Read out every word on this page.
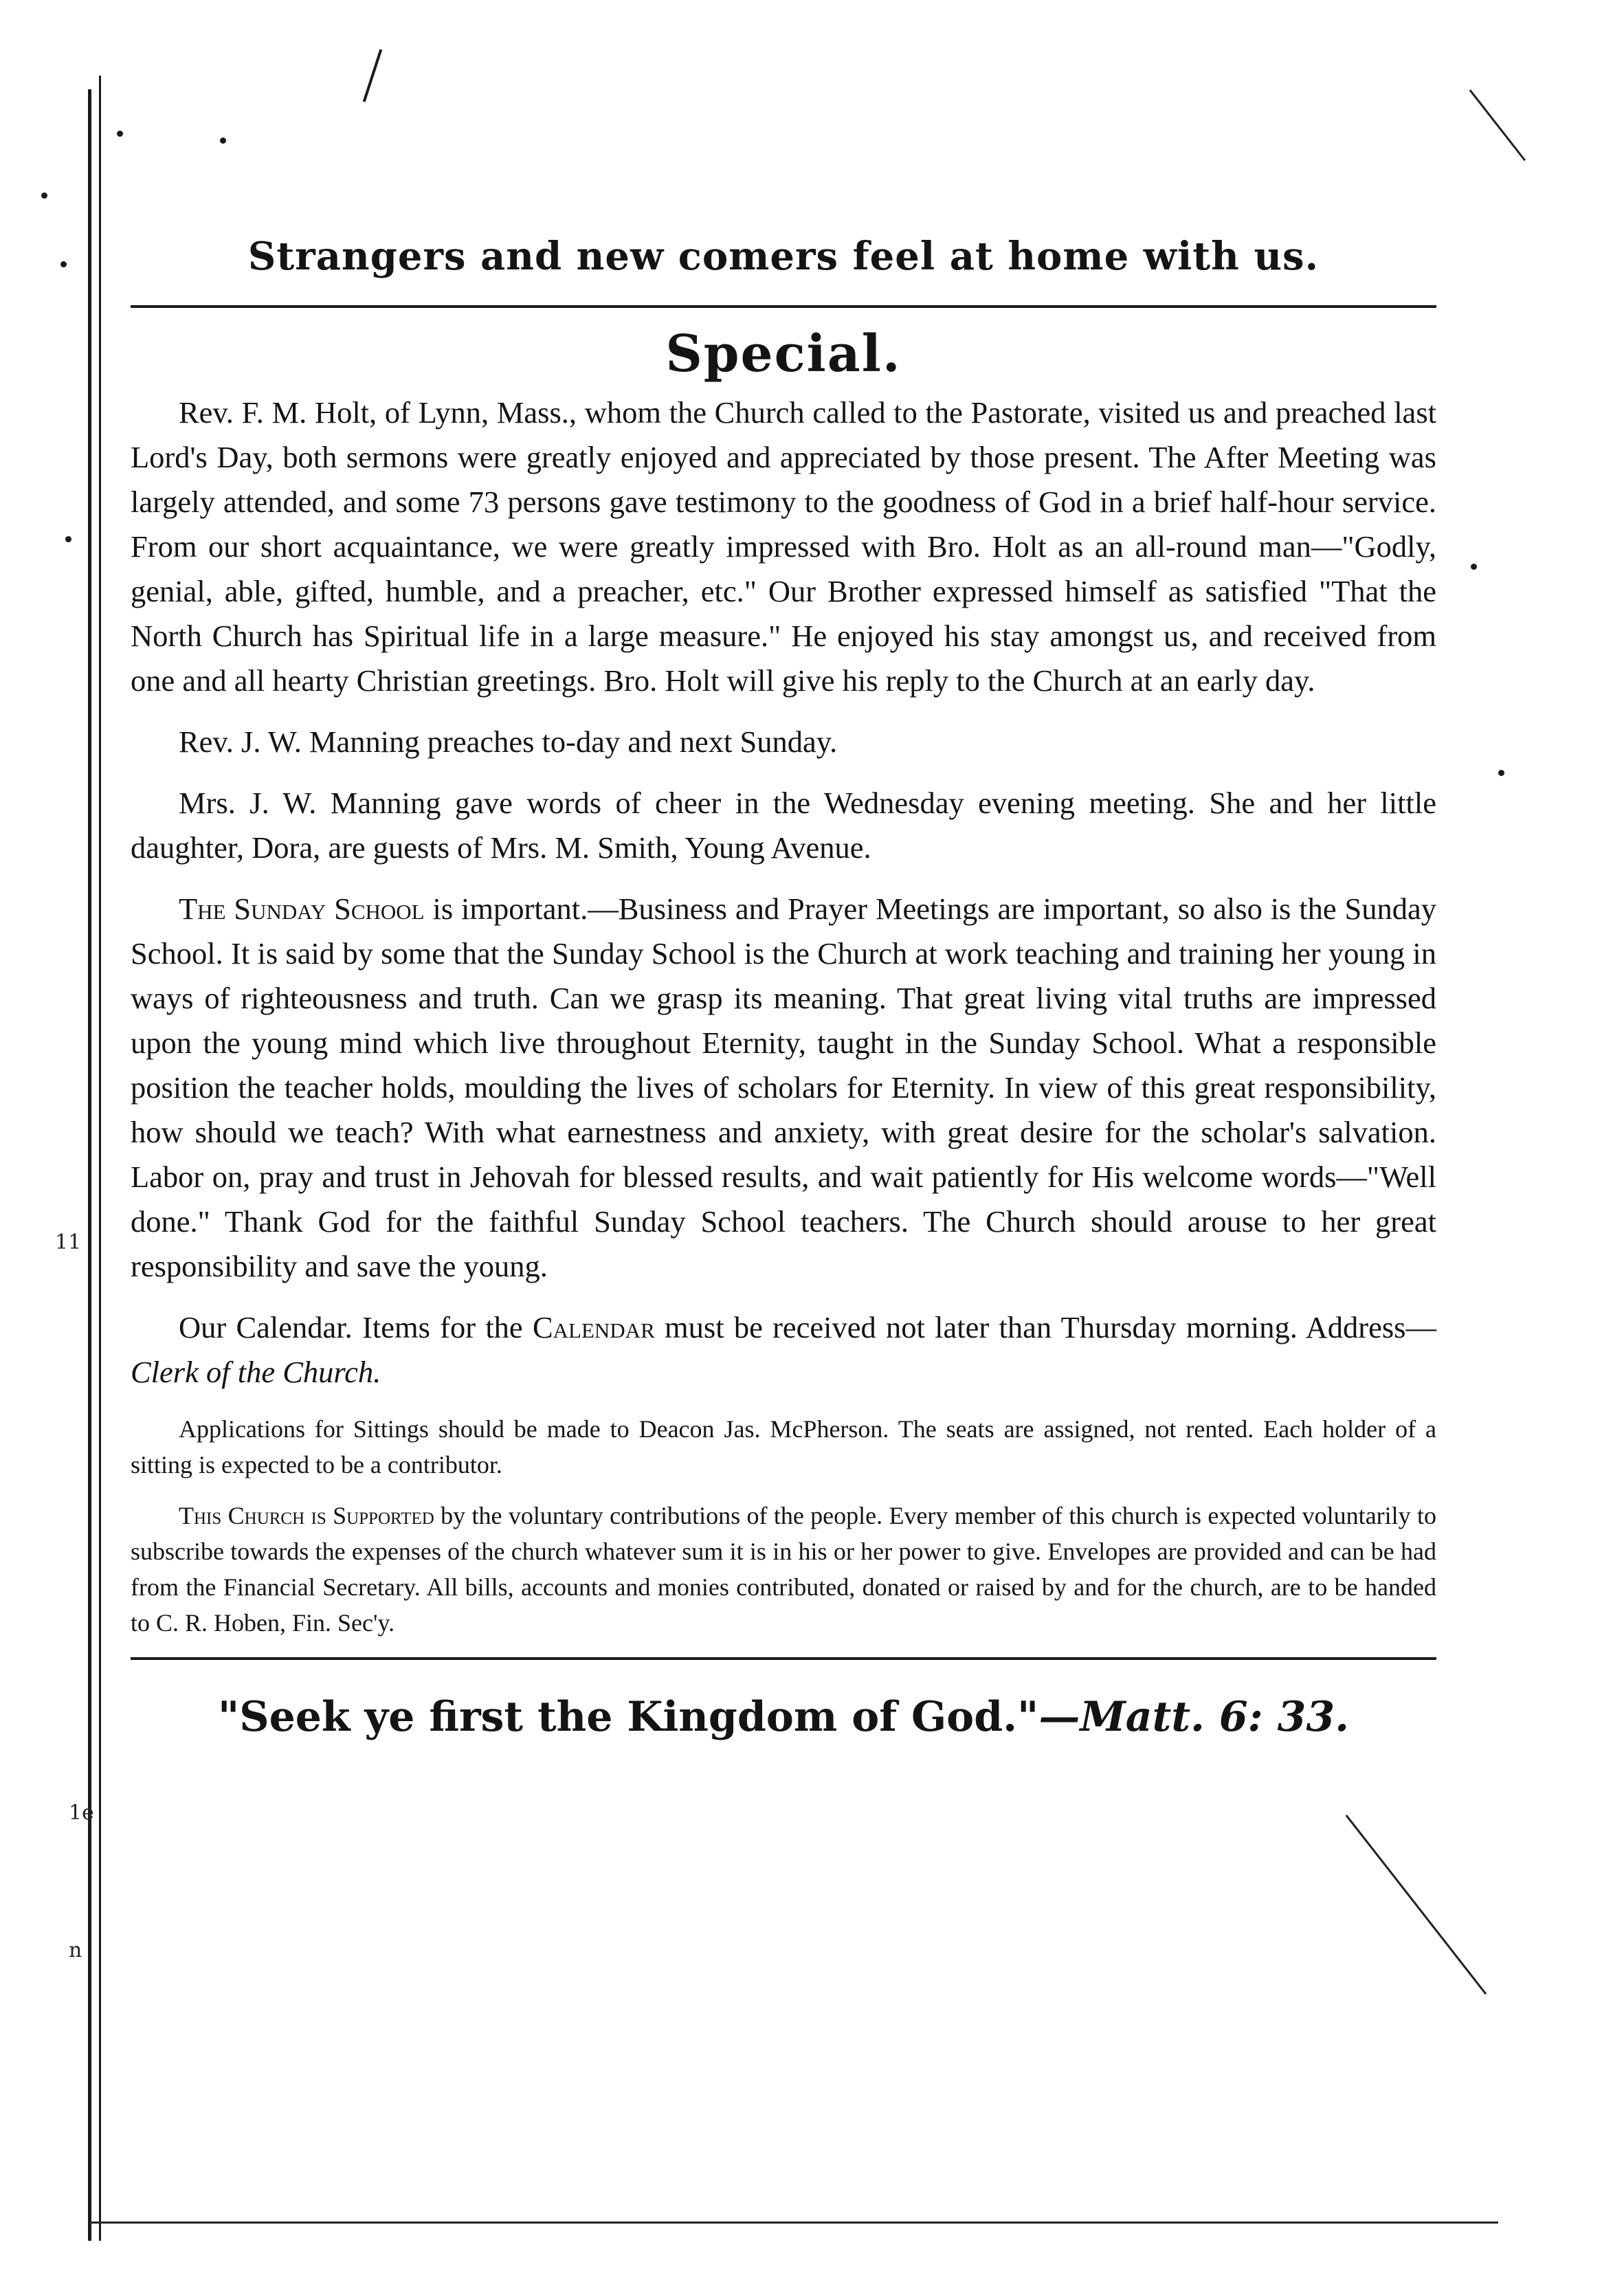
11
1e
n
Strangers and new comers feel at home with us.
Special.

Rev. F. M. Holt, of Lynn, Mass., whom the Church called to the Pastorate, visited us and preached last Lord's Day, both sermons were greatly enjoyed and appreciated by those present. The After Meeting was largely attended, and some 73 persons gave testimony to the goodness of God in a brief half-hour service. From our short acquaintance, we were greatly impressed with Bro. Holt as an all-round man—"Godly, genial, able, gifted, humble, and a preacher, etc." Our Brother expressed himself as satisfied "That the North Church has Spiritual life in a large measure." He enjoyed his stay amongst us, and received from one and all hearty Christian greetings. Bro. Holt will give his reply to the Church at an early day.

Rev. J. W. Manning preaches to-day and next Sunday.

Mrs. J. W. Manning gave words of cheer in the Wednesday evening meeting. She and her little daughter, Dora, are guests of Mrs. M. Smith, Young Avenue.

The Sunday School is important.—Business and Prayer Meetings are important, so also is the Sunday School. It is said by some that the Sunday School is the Church at work teaching and training her young in ways of righteousness and truth. Can we grasp its meaning. That great living vital truths are impressed upon the young mind which live throughout Eternity, taught in the Sunday School. What a responsible position the teacher holds, moulding the lives of scholars for Eternity. In view of this great responsibility, how should we teach? With what earnestness and anxiety, with great desire for the scholar's salvation. Labor on, pray and trust in Jehovah for blessed results, and wait patiently for His welcome words—"Well done." Thank God for the faithful Sunday School teachers. The Church should arouse to her great responsibility and save the young.

Our Calendar. Items for the Calendar must be received not later than Thursday morning. Address—Clerk of the Church.

Applications for Sittings should be made to Deacon Jas. McPherson. The seats are assigned, not rented. Each holder of a sitting is expected to be a contributor.

This Church is Supported by the voluntary contributions of the people. Every member of this church is expected voluntarily to subscribe towards the expenses of the church whatever sum it is in his or her power to give. Envelopes are provided and can be had from the Financial Secretary. All bills, accounts and monies contributed, donated or raised by and for the church, are to be handed to C. R. Hoben, Fin. Sec'y.

"Seek ye first the Kingdom of God."—Matt. 6: 33.
